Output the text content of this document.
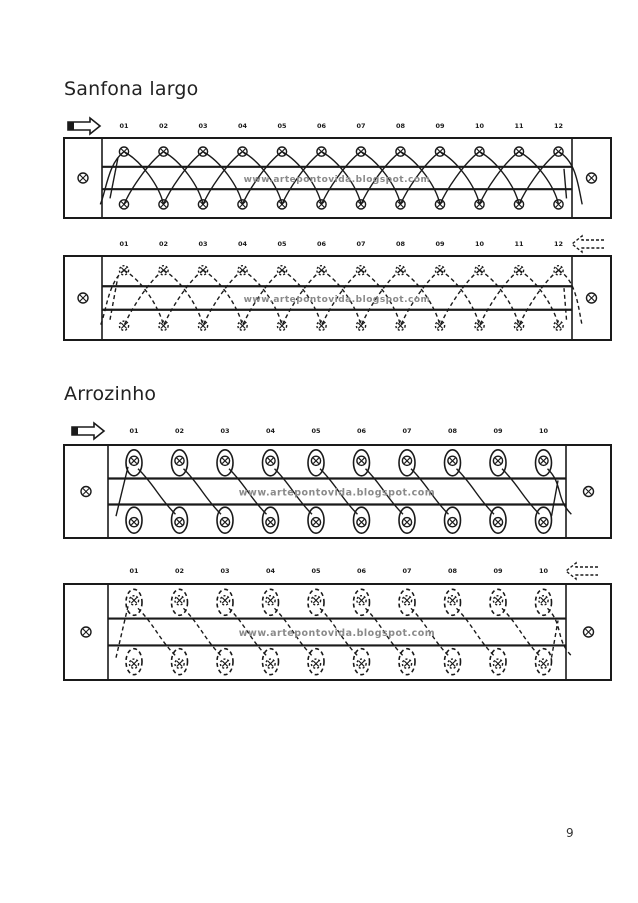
Sanfona largo
Arrozinho
01	02	03	04	05	06	07	08	09	10	11	12
www.artepontovida.blogspot.com
01	02	03	04	05	06	07	08	09	10	11	12
www.artepontovida.blogspot.com
01	02	03	04	05	06	07	08	09	10
www.artepontovida.blogspot.com
01	02	03	04	05	06	07	08	09	10
www.artepontovida.blogspot.com
9
